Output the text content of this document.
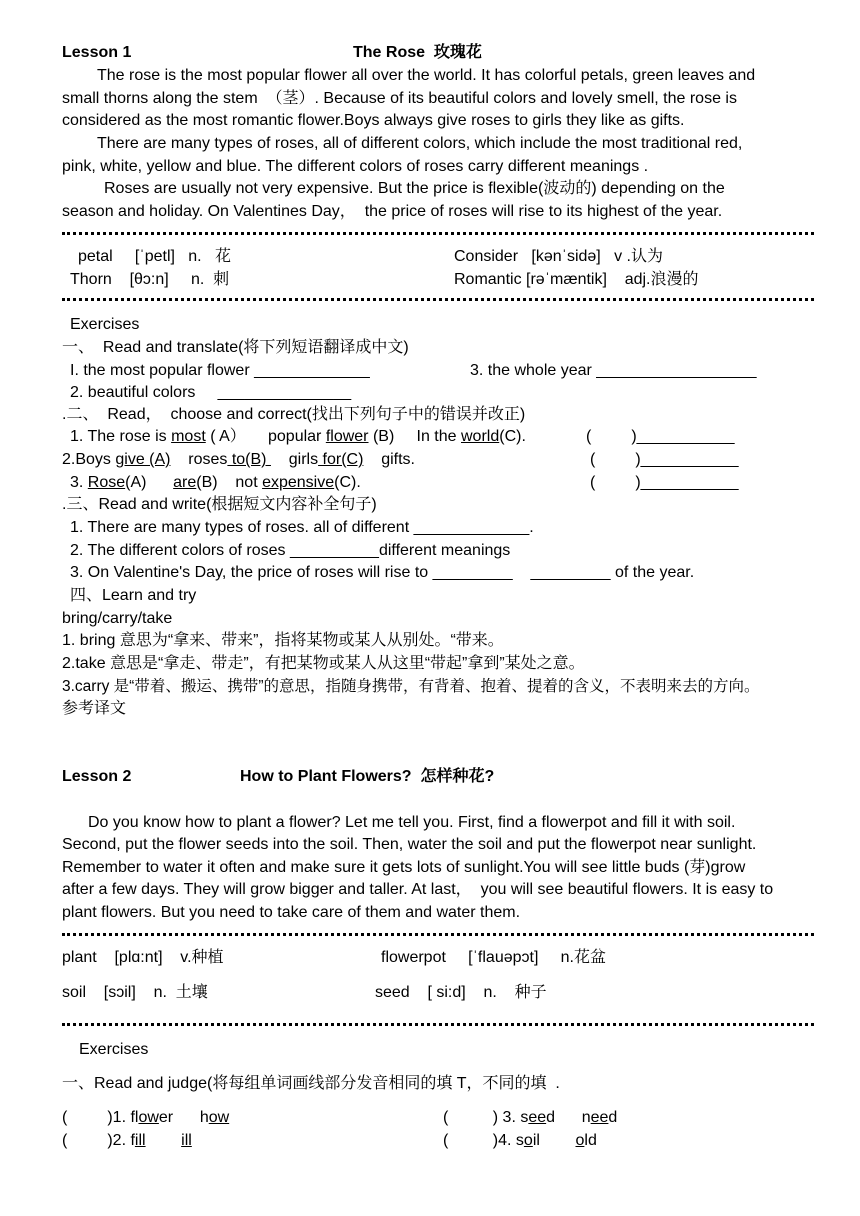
Lesson 1	The Rose  玫瑰花
The rose is the most popular flower all over the world. It has colorful petals, green leaves and
small thorns along the stem  （茎）. Because of its beautiful colors and lovely smell, the rose is
considered as the most romantic flower.Boys always give roses to girls they like as gifts.
There are many types of roses, all of different colors, which include the most traditional red,
pink, white, yellow and blue. The different colors of roses carry different meanings .
Roses are usually not very expensive. But the price is flexible(波动的) depending on the
season and holiday. On Valentines Day，  the price of roses will rise to its highest of the year.
petal     [ˈpetl]   n.   花	Consider   [kənˈsidə]   v .认为
Thorn    [θɔ:n]     n.  刺	Romantic [rəˈmæntik]    adj.浪漫的
Exercises
一、  Read and translate(将下列短语翻译成中文)
I. the most popular flower _____________	3. the whole year __________________
2. beautiful colors     _______________
.二、  Read，  choose and correct(找出下列句子中的错误并改正)
1. The rose is most ( A）     popular flower (B)     In the world(C).	(         )___________
2.Boys give (A)    roses to(B)     girls for(C)    gifts.	(         )___________
3. Rose(A)      are(B)    not expensive(C).	(         )___________
.三、Read and write(根据短文内容补全句子)
1. There are many types of roses. all of different _____________.
2. The different colors of roses __________different meanings
3. On Valentine's Day, the price of roses will rise to _________    _________ of the year.
四、Learn and try
bring/carry/take
1. bring 意思为“拿来、带来”，指将某物或某人从别处。“带来。
2.take 意思是“拿走、带走”，有把某物或某人从这里“带起”拿到”某处之意。
3.carry 是“带着、搬运、携带”的意思，指随身携带，有背着、抱着、提着的含义，不表明来去的方向。
参考译文
Lesson 2	How to Plant Flowers?  怎样种花?
Do you know how to plant a flower? Let me tell you. First, find a flowerpot and fill it with soil.
Second, put the flower seeds into the soil. Then, water the soil and put the flowerpot near sunlight.
Remember to water it often and make sure it gets lots of sunlight.You will see little buds (芽)grow
after a few days. They will grow bigger and taller. At last，  you will see beautiful flowers. It is easy to
plant flowers. But you need to take care of them and water them.
plant    [plɑ:nt]    v.种植	flowerpot     [ˈflauəpɔt]     n.花盆
soil    [sɔil]    n.  土壤	seed    [ si:d]    n.    种子
Exercises
一、Read and judge(将每组单词画线部分发音相同的填 T，不同的填  .
(         )1. flower how	(          ) 3. seed need
(         )2. fill ill	(          )4. soil old
